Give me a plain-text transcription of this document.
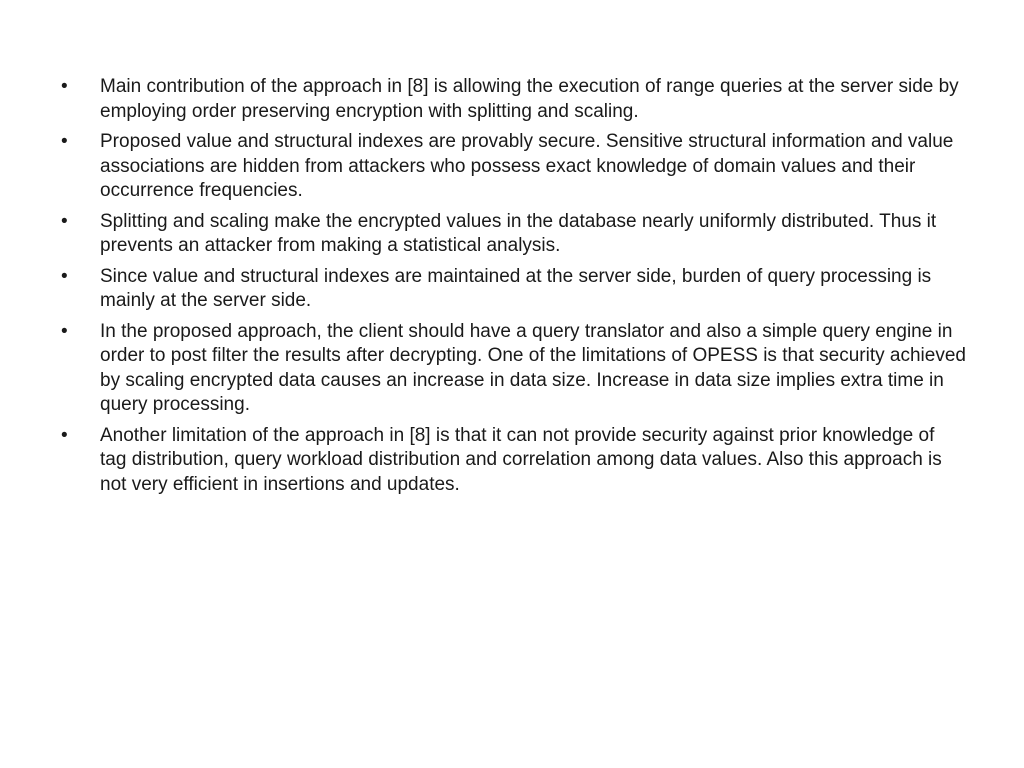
•	Main contribution of the approach in [8] is allowing the execution of range queries at the server side by employing order preserving encryption with splitting and scaling.
•	Proposed value and structural indexes are provably secure. Sensitive structural information and value associations are hidden from attackers who possess exact knowledge of domain values and their occurrence frequencies.
•	Splitting and scaling make the encrypted values in the database nearly uniformly distributed. Thus it prevents an attacker from making a statistical analysis.
•	Since value and structural indexes are maintained at the server side, burden of query processing is mainly at the server side.
•	In the proposed approach, the client should have a query translator and also a simple query engine in order to post filter the results after decrypting. One of the limitations of OPESS is that security achieved by scaling encrypted data causes an increase in data size. Increase in data size implies extra time in query processing.
•	Another limitation of the approach in [8] is that it can not provide security against prior knowledge of tag distribution, query workload distribution and correlation among data values. Also this approach is not very efficient in insertions and updates.
